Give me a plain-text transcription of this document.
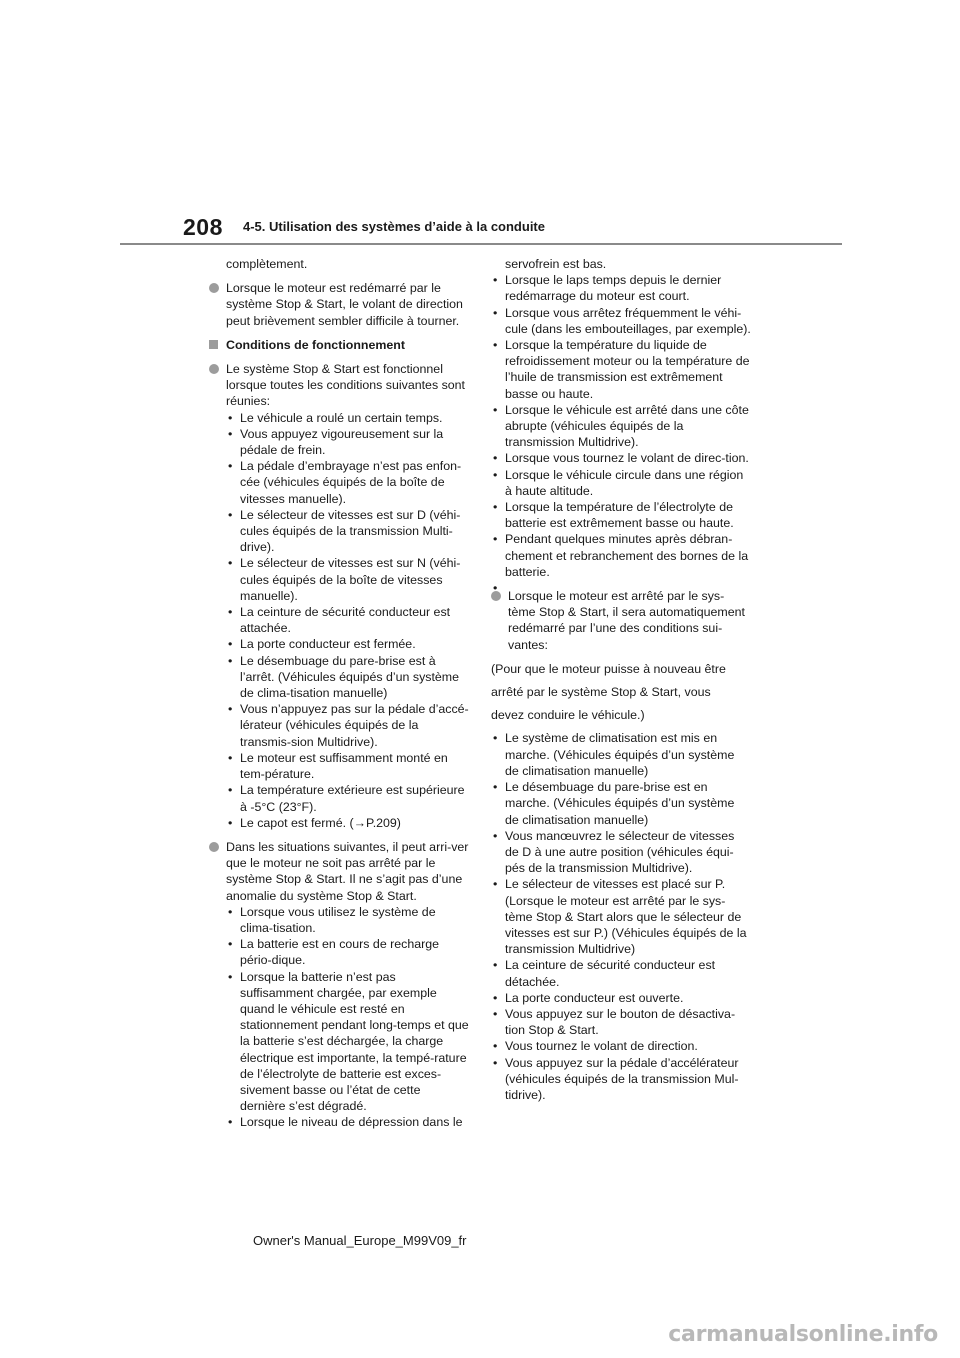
208 4-5. Utilisation des systèmes d’aide à la conduite

complètement.

Lorsque le moteur est redémarré par le système Stop & Start, le volant de direction peut brièvement sembler difficile à tourner.
Conditions de fonctionnement
Le système Stop & Start est fonctionnel lorsque toutes les conditions suivantes sont réunies:
• Le véhicule a roulé un certain temps.
• Vous appuyez vigoureusement sur la pédale de frein.
• La pédale d’embrayage n’est pas enfon-cée (véhicules équipés de la boîte de vitesses manuelle).
• Le sélecteur de vitesses est sur D (véhi-cules équipés de la transmission Multi-drive).
• Le sélecteur de vitesses est sur N (véhi-cules équipés de la boîte de vitesses manuelle).
• La ceinture de sécurité conducteur est attachée.
• La porte conducteur est fermée.
• Le désembuage du pare-brise est à l’arrêt. (Véhicules équipés d’un système de clima-tisation manuelle)
• Vous n’appuyez pas sur la pédale d’accé-lérateur (véhicules équipés de la transmis-sion Multidrive).
• Le moteur est suffisamment monté en tem-pérature.
• La température extérieure est supérieure à -5°C (23°F).
• Le capot est fermé. (→P.209)
Dans les situations suivantes, il peut arri-ver que le moteur ne soit pas arrêté par le système Stop & Start. Il ne s’agit pas d’une anomalie du système Stop & Start.
• Lorsque vous utilisez le système de clima-tisation.
• La batterie est en cours de recharge pério-dique.
• Lorsque la batterie n’est pas suffisamment chargée, par exemple quand le véhicule est resté en stationnement pendant long-temps et que la batterie s’est déchargée, la charge électrique est importante, la tempé-rature de l’électrolyte de batterie est exces-sivement basse ou l’état de cette dernière s’est dégradé.
• Lorsque le niveau de dépression dans le

servofrein est bas.

• Lorsque le laps temps depuis le dernier redémarrage du moteur est court.
• Lorsque vous arrêtez fréquemment le véhi-cule (dans les embouteillages, par exemple).
• Lorsque la température du liquide de refroidissement moteur ou la température de l’huile de transmission est extrêmement basse ou haute.
• Lorsque le véhicule est arrêté dans une côte abrupte (véhicules équipés de la transmission Multidrive).
• Lorsque vous tournez le volant de direc-tion.
• Lorsque le véhicule circule dans une région à haute altitude.
• Lorsque la température de l’électrolyte de batterie est extrêmement basse ou haute.
• Pendant quelques minutes après débran-chement et rebranchement des bornes de la batterie.
Lorsque le moteur est arrêté par le sys-tème Stop & Start, il sera automatiquement redémarré par l’une des conditions sui-vantes:

(Pour que le moteur puisse à nouveau être

arrêté par le système Stop & Start, vous

devez conduire le véhicule.)

• Le système de climatisation est mis en marche. (Véhicules équipés d’un système de climatisation manuelle)
• Le désembuage du pare-brise est en marche. (Véhicules équipés d’un système de climatisation manuelle)
• Vous manœuvrez le sélecteur de vitesses de D à une autre position (véhicules équi-pés de la transmission Multidrive).
• Le sélecteur de vitesses est placé sur P. (Lorsque le moteur est arrêté par le sys-tème Stop & Start alors que le sélecteur de vitesses est sur P.) (Véhicules équipés de la transmission Multidrive)
• La ceinture de sécurité conducteur est détachée.
• La porte conducteur est ouverte.
• Vous appuyez sur le bouton de désactiva-tion Stop & Start.
• Vous tournez le volant de direction.
• Vous appuyez sur la pédale d’accélérateur (véhicules équipés de la transmission Mul-tidrive).
Owner's Manual_Europe_M99V09_fr
carmanualsonline.info
